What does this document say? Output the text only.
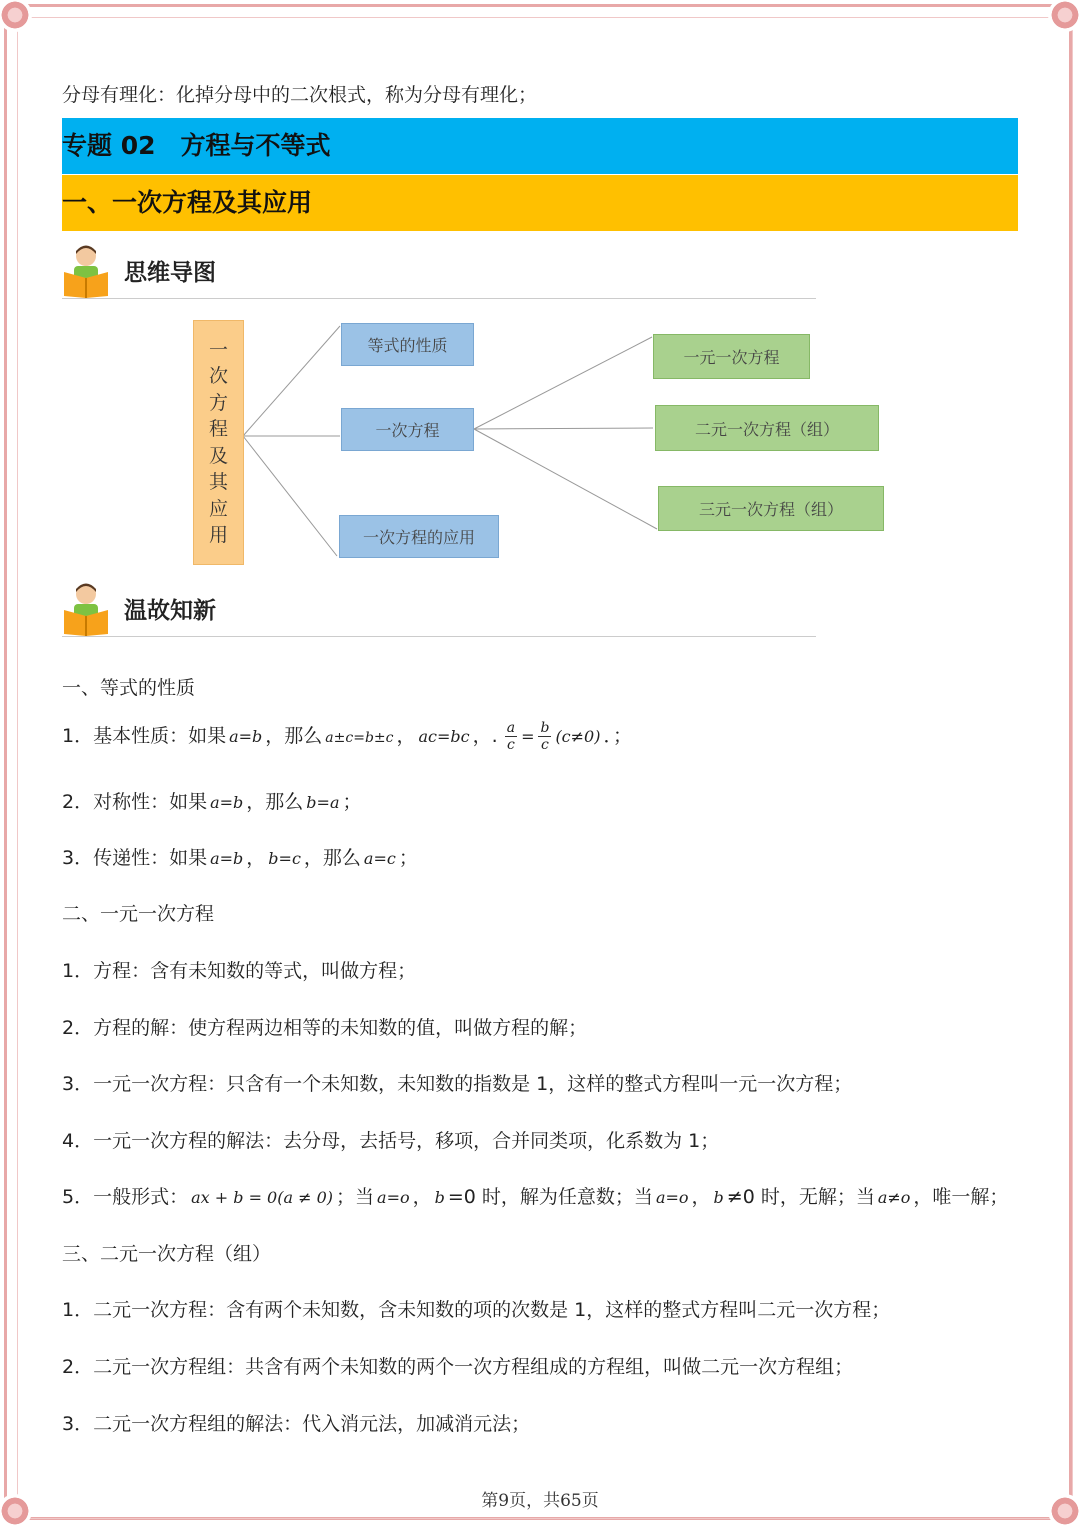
分母有理化：化掉分母中的二次根式，称为分母有理化；
专题 02　方程与不等式
一、一次方程及其应用
思维导图
一
次
方
程
及
其
应
用
等式的性质
一次方程
一次方程的应用
一元一次方程
二元一次方程（组）
三元一次方程（组）
温故知新
一、等式的性质
1．基本性质：如果 a=b ，那么 a±c=b±c ， ac=bc ，. $\frac{a}{c} = \frac{b}{c} (c\ne 0)$ ．；
2．对称性：如果 a=b ，那么 b=a ；
3．传递性：如果 a=b ， b=c ，那么 a=c ；
二、一元一次方程
1．方程：含有未知数的等式，叫做方程；
2．方程的解：使方程两边相等的未知数的值，叫做方程的解；
3．一元一次方程：只含有一个未知数，未知数的指数是 1，这样的整式方程叫一元一次方程；
4．一元一次方程的解法：去分母，去括号，移项，合并同类项，化系数为 1；
5．一般形式： ax + b = 0(a ≠ 0) ；当 a=o ， b =0 时，解为任意数；当 a=o ， b ≠0 时，无解；当 a≠o ，唯一解；
三、二元一次方程（组）
1．二元一次方程：含有两个未知数，含未知数的项的次数是 1，这样的整式方程叫二元一次方程；
2．二元一次方程组：共含有两个未知数的两个一次方程组成的方程组，叫做二元一次方程组；
3．二元一次方程组的解法：代入消元法，加减消元法；
第9页，共65页
